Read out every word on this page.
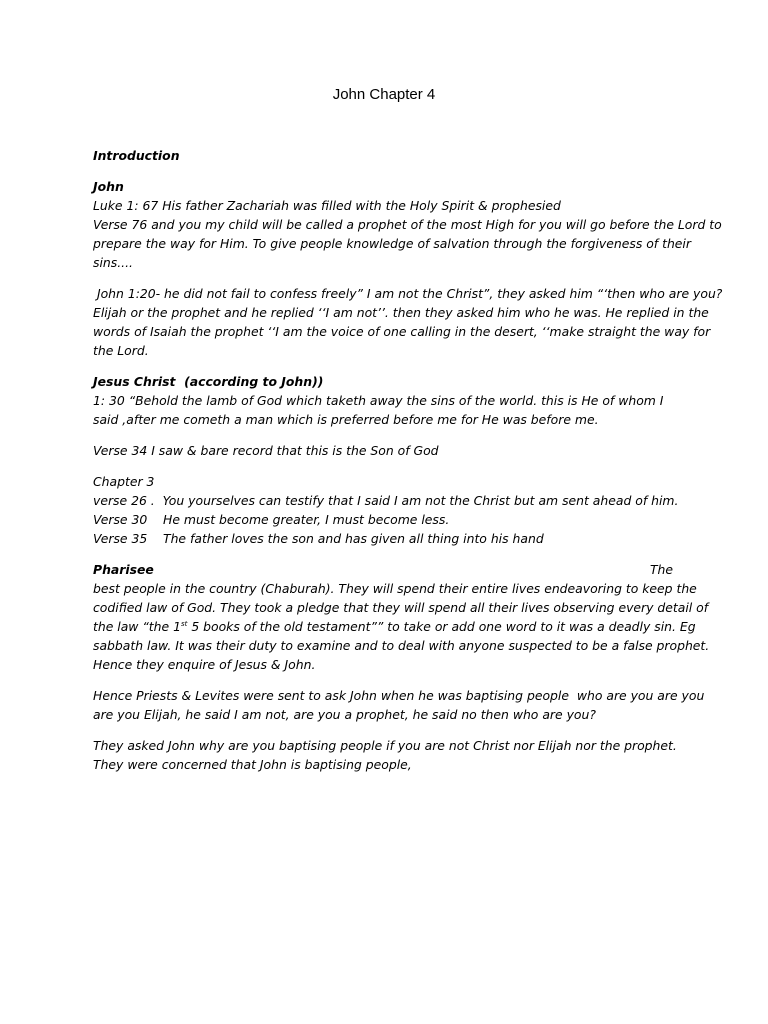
John Chapter 4

Introduction

John
Luke 1: 67 His father Zachariah was filled with the Holy Spirit & prophesied
Verse 76 and you my child will be called a prophet of the most High for you will go before the Lord to
prepare the way for Him. To give people knowledge of salvation through the forgiveness of their
sins....

John 1:20- he did not fail to confess freely” I am not the Christ”, they asked him “‘then who are you?
Elijah or the prophet and he replied ‘‘I am not’’. then they asked him who he was. He replied in the
words of Isaiah the prophet ‘‘I am the voice of one calling in the desert, ‘‘make straight the way for
the Lord.

Jesus Christ  (according to John))
1: 30 “Behold the lamb of God which taketh away the sins of the world. this is He of whom I
said ,after me cometh a man which is preferred before me for He was before me.

Verse 34 I saw & bare record that this is the Son of God

Chapter 3
verse 26 .  You yourselves can testify that I said I am not the Christ but am sent ahead of him.
Verse 30    He must become greater, I must become less.
Verse 35    The father loves the son and has given all thing into his hand

Pharisee	The
best people in the country (Chaburah). They will spend their entire lives endeavoring to keep the
codified law of God. They took a pledge that they will spend all their lives observing every detail of
the law “the 1st 5 books of the old testament”” to take or add one word to it was a deadly sin. Eg
sabbath law. It was their duty to examine and to deal with anyone suspected to be a false prophet.
Hence they enquire of Jesus & John.

Hence Priests & Levites were sent to ask John when he was baptising people  who are you are you
are you Elijah, he said I am not, are you a prophet, he said no then who are you?

They asked John why are you baptising people if you are not Christ nor Elijah nor the prophet.
They were concerned that John is baptising people,
